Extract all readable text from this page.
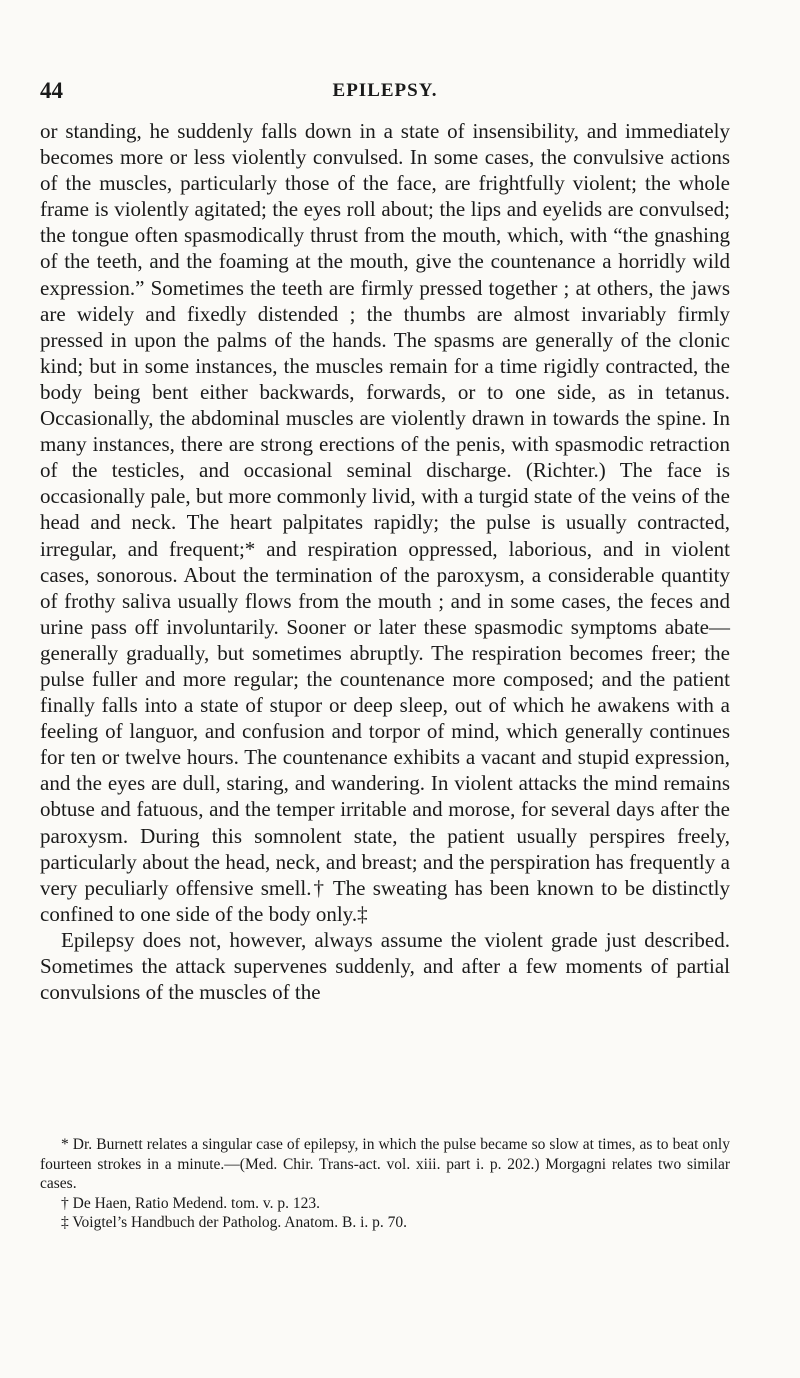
44	EPILEPSY.

or standing, he suddenly falls down in a state of insensibility, and immediately becomes more or less violently convulsed. In some cases, the convulsive actions of the muscles, particularly those of the face, are frightfully violent; the whole frame is violently agitated; the eyes roll about; the lips and eyelids are convulsed; the tongue often spasmodically thrust from the mouth, which, with “the gnashing of the teeth, and the foaming at the mouth, give the countenance a horridly wild expression.” Sometimes the teeth are firmly pressed together ; at others, the jaws are widely and fixedly distended ; the thumbs are almost invariably firmly pressed in upon the palms of the hands. The spasms are generally of the clonic kind; but in some instances, the muscles remain for a time rigidly contracted, the body being bent either backwards, forwards, or to one side, as in tetanus. Occasionally, the abdominal muscles are violently drawn in towards the spine. In many instances, there are strong erections of the penis, with spasmodic retraction of the testicles, and occasional seminal discharge. (Richter.) The face is occasionally pale, but more commonly livid, with a turgid state of the veins of the head and neck. The heart palpitates rapidly; the pulse is usually contracted, irregular, and frequent;* and respiration oppressed, laborious, and in violent cases, sonorous. About the termination of the paroxysm, a considerable quantity of frothy saliva usually flows from the mouth ; and in some cases, the feces and urine pass off involuntarily. Sooner or later these spasmodic symptoms abate—generally gradually, but sometimes abruptly. The respiration becomes freer; the pulse fuller and more regular; the countenance more composed; and the patient finally falls into a state of stupor or deep sleep, out of which he awakens with a feeling of languor, and confusion and torpor of mind, which generally continues for ten or twelve hours. The countenance exhibits a vacant and stupid expression, and the eyes are dull, staring, and wandering. In violent attacks the mind remains obtuse and fatuous, and the temper irritable and morose, for several days after the paroxysm. During this somnolent state, the patient usually perspires freely, particularly about the head, neck, and breast; and the perspiration has frequently a very peculiarly offensive smell.† The sweating has been known to be distinctly confined to one side of the body only.‡

Epilepsy does not, however, always assume the violent grade just described. Sometimes the attack supervenes suddenly, and after a few moments of partial convulsions of the muscles of the

* Dr. Burnett relates a singular case of epilepsy, in which the pulse became so slow at times, as to beat only fourteen strokes in a minute.—(Med. Chir. Trans-act. vol. xiii. part i. p. 202.) Morgagni relates two similar cases.

† De Haen, Ratio Medend. tom. v. p. 123.

‡ Voigtel’s Handbuch der Patholog. Anatom. B. i. p. 70.
